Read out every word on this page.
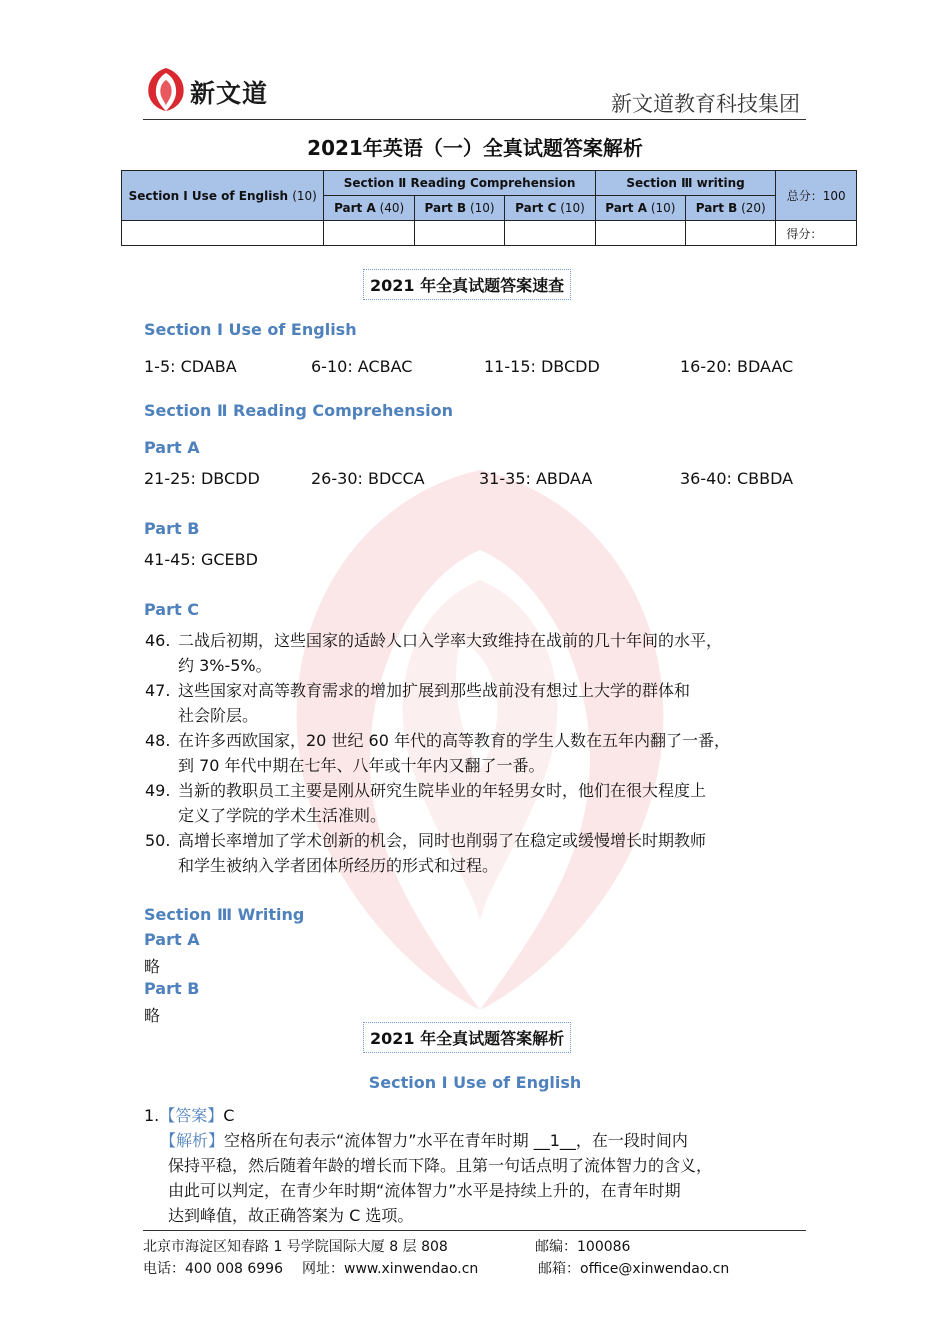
新文道	新文道教育科技集团
2021年英语（一）全真试题答案解析
Section I Use of English (10)	Section Ⅱ Reading Comprehension			Section Ⅲ writing		总分：100
	Part A (40)	Part B (10)	Part C (10)	Part A (10)	Part B (20)	
						得分：
2021 年全真试题答案速查
Section I Use of English
1-5: CDABA	6-10: ACBAC	11-15: DBCDD	16-20: BDAAC
Section Ⅱ Reading Comprehension
Part A
21-25: DBCDD	26-30: BDCCA	31-35: ABDAA	36-40: CBBDA
Part B
41-45: GCEBD
Part C
46. 二战后初期，这些国家的适龄人口入学率大致维持在战前的几十年间的水平，
约 3%-5%。
47. 这些国家对高等教育需求的增加扩展到那些战前没有想过上大学的群体和
社会阶层。
48. 在许多西欧国家，20 世纪 60 年代的高等教育的学生人数在五年内翻了一番，
到 70 年代中期在七年、八年或十年内又翻了一番。
49. 当新的教职员工主要是刚从研究生院毕业的年轻男女时，他们在很大程度上
定义了学院的学术生活准则。
50. 高增长率增加了学术创新的机会，同时也削弱了在稳定或缓慢增长时期教师
和学生被纳入学者团体所经历的形式和过程。
Section Ⅲ Writing
Part A
略
Part B
略
2021 年全真试题答案解析
Section I Use of English
1.【答案】C
【解析】空格所在句表示“流体智力”水平在青年时期 __1__，在一段时间内
保持平稳，然后随着年龄的增长而下降。且第一句话点明了流体智力的含义，
由此可以判定，在青少年时期“流体智力”水平是持续上升的，在青年时期
达到峰值，故正确答案为 C 选项。
北京市海淀区知春路 1 号学院国际大厦 8 层 808	邮编：100086
电话：400 008 6996 网址：www.xinwendao.cn	邮箱：office@xinwendao.cn
